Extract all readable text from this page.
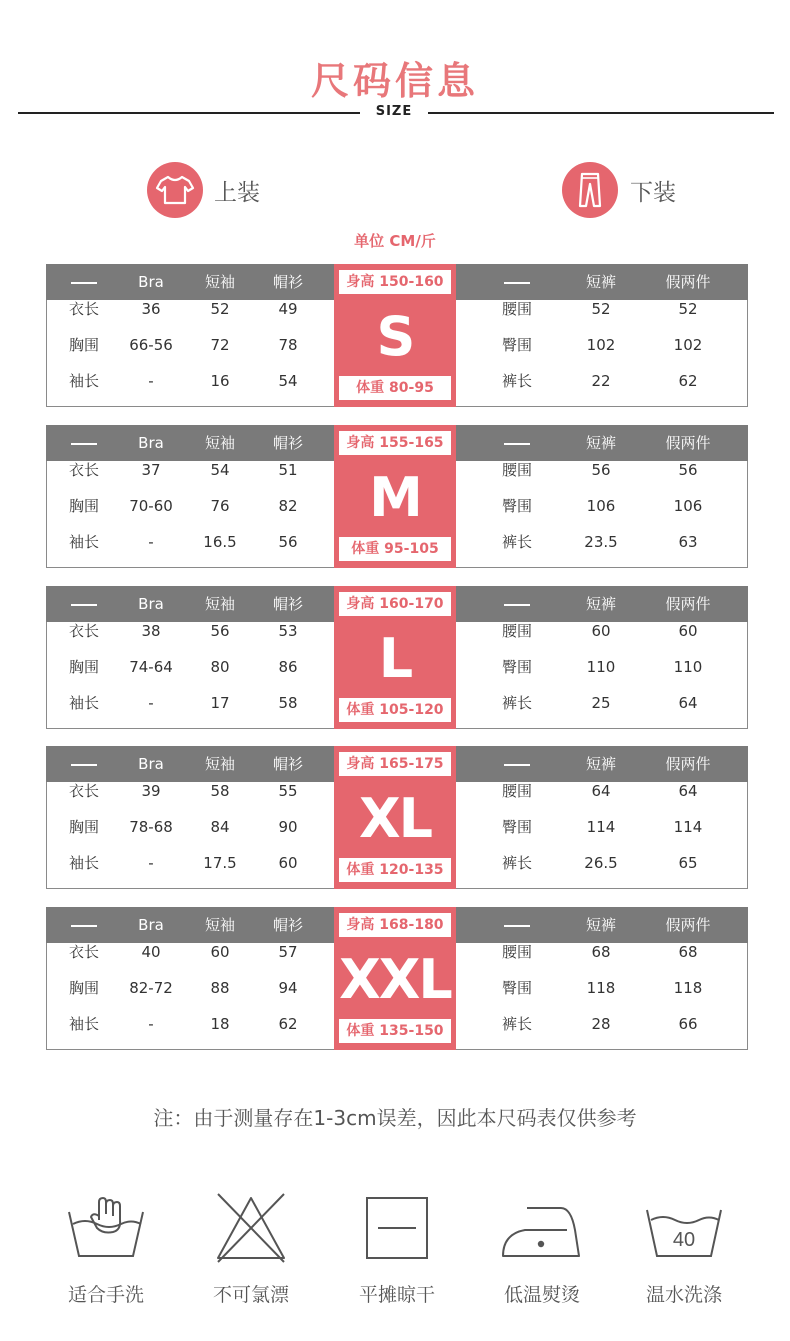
尺码信息
SIZE
上装	下装
单位 CM/斤
Bra	短袖	帽衫	短裤	假两件
衣长	36	52	49
胸围	66-56	72	78
袖长	-	16	54
腰围	52	52
臀围	102	102
裤长	22	62
身高 150-160
S
体重 80-95
Bra	短袖	帽衫	短裤	假两件
衣长	37	54	51
胸围	70-60	76	82
袖长	-	16.5	56
腰围	56	56
臀围	106	106
裤长	23.5	63
身高 155-165
M
体重 95-105
Bra	短袖	帽衫	短裤	假两件
衣长	38	56	53
胸围	74-64	80	86
袖长	-	17	58
腰围	60	60
臀围	110	110
裤长	25	64
身高 160-170
L
体重 105-120
Bra	短袖	帽衫	短裤	假两件
衣长	39	58	55
胸围	78-68	84	90
袖长	-	17.5	60
腰围	64	64
臀围	114	114
裤长	26.5	65
身高 165-175
XL
体重 120-135
Bra	短袖	帽衫	短裤	假两件
衣长	40	60	57
胸围	82-72	88	94
袖长	-	18	62
腰围	68	68
臀围	118	118
裤长	28	66
身高 168-180
XXL
体重 135-150
注：由于测量存在1-3cm误差，因此本尺码表仅供参考
适合手洗	不可氯漂	平摊晾干	低温熨烫
40
温水洗涤
